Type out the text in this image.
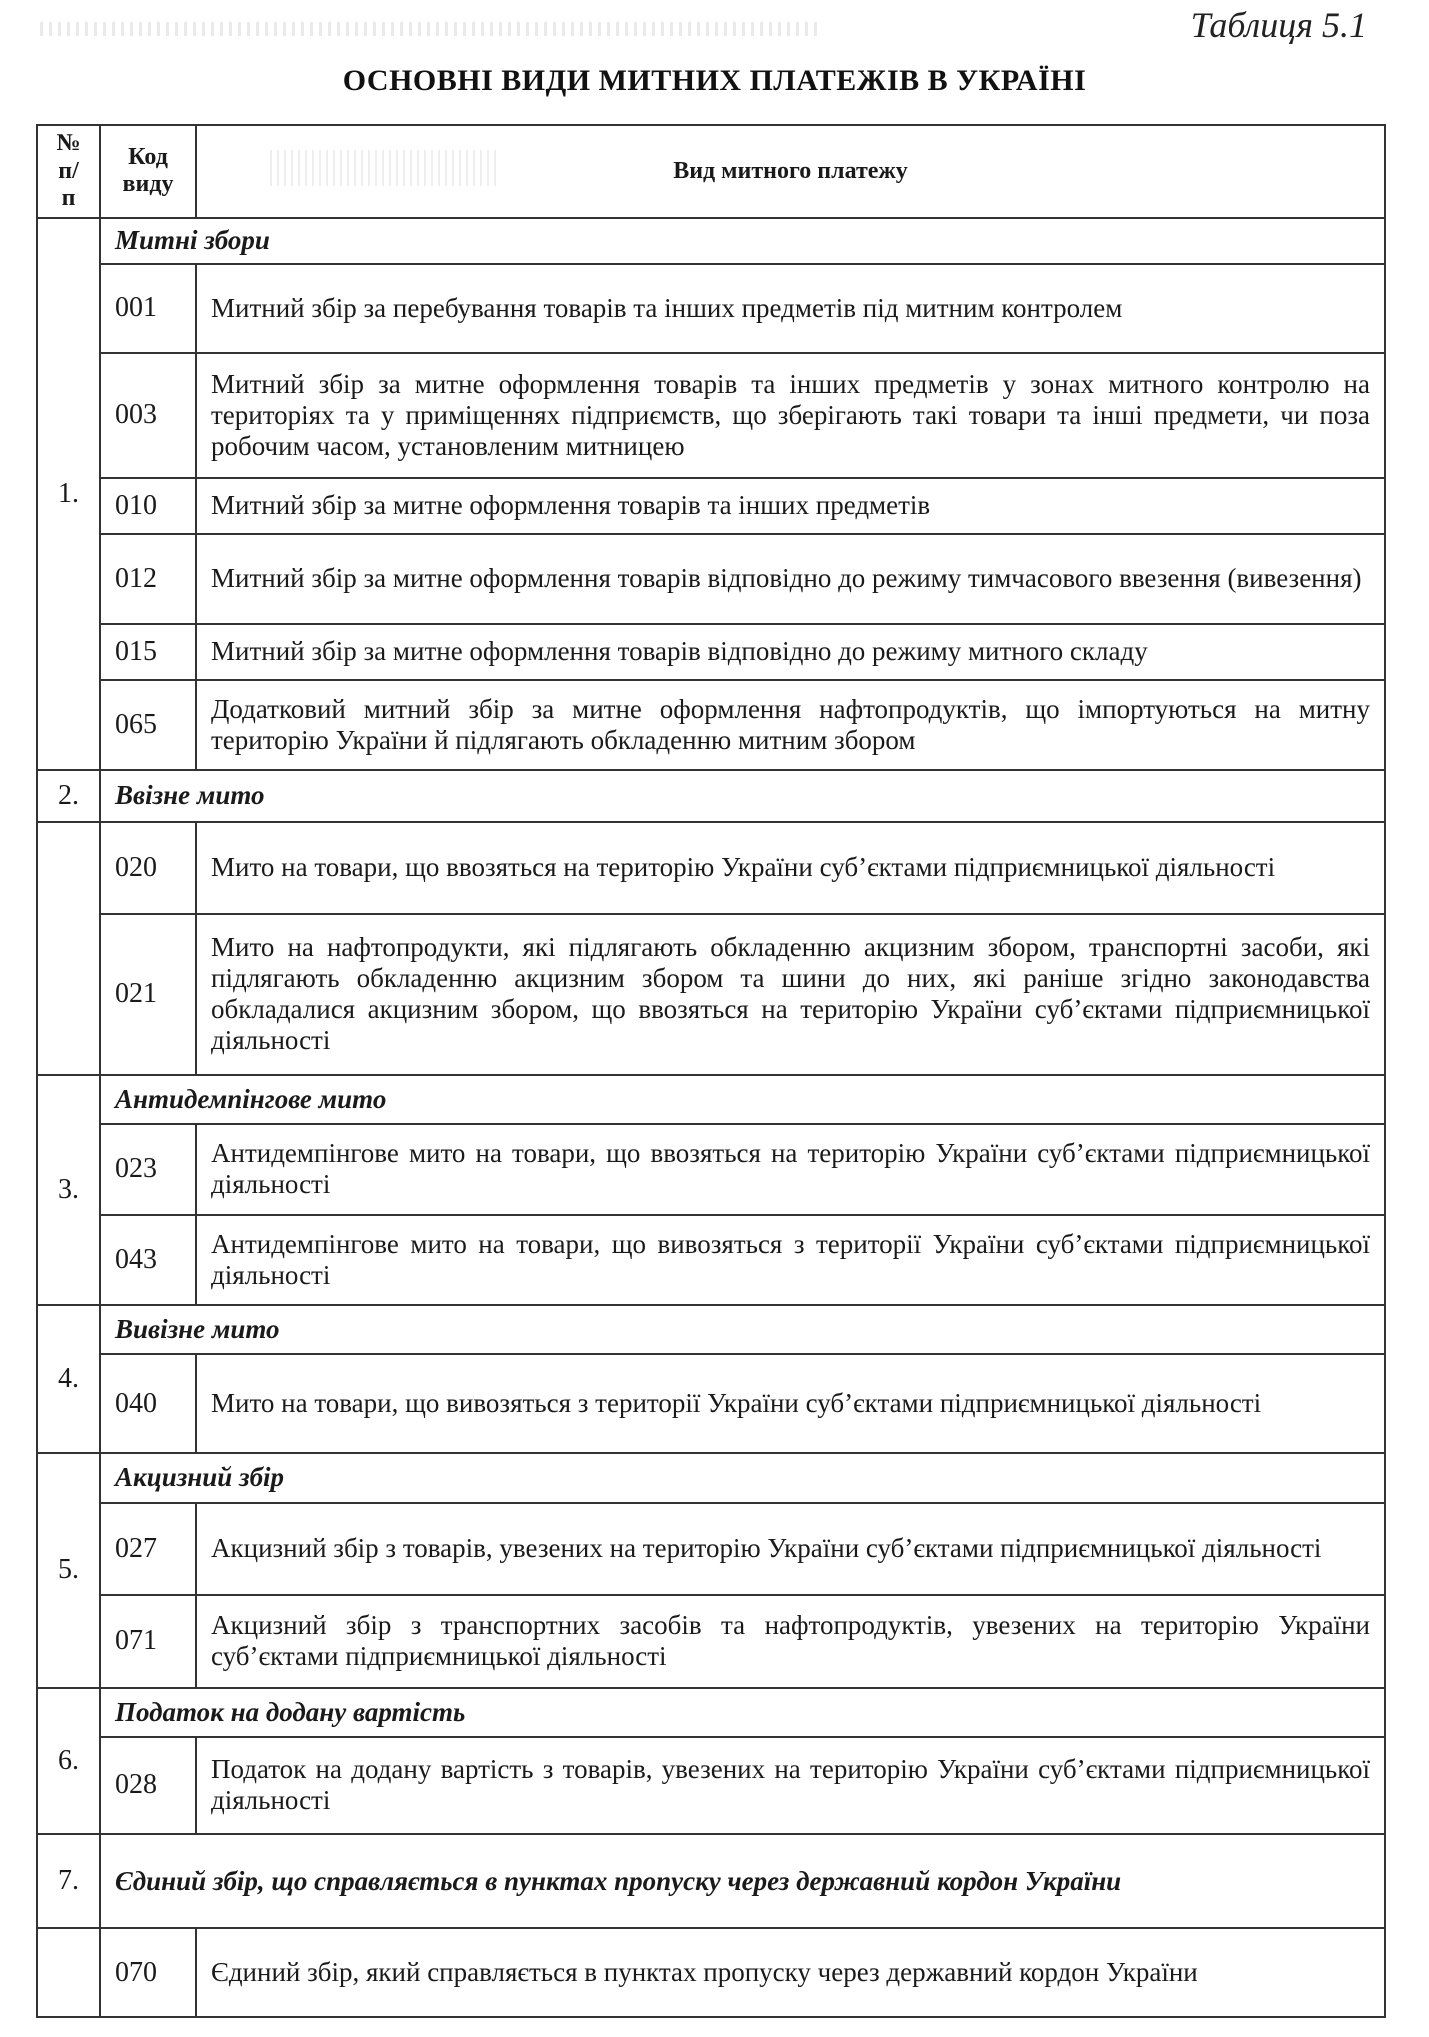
Таблиця 5.1
ОСНОВНІ ВИДИ МИТНИХ ПЛАТЕЖІВ В УКРАЇНІ
№ п/п	Код виду	Вид митного платежу
1.	Митні збори	
	001	Митний збір за перебування товарів та інших предметів під митним контролем
	003	Митний збір за митне оформлення товарів та інших предметів у зонах митного контролю на територіях та у приміщеннях підприємств, що зберігають такі товари та інші предмети, чи поза робочим часом, установленим митницею
	010	Митний збір за митне оформлення товарів та інших предметів
	012	Митний збір за митне оформлення товарів відповідно до режиму тимчасового ввезення (вивезення)
	015	Митний збір за митне оформлення товарів відповідно до режиму митного складу
	065	Додатковий митний збір за митне оформлення нафтопродуктів, що імпортуються на митну територію України й підлягають обкладенню митним збором
2.	Ввізне мито	
	020	Мито на товари, що ввозяться на територію України суб’єктами підприємницької діяльності
	021	Мито на нафтопродукти, які підлягають обкладенню акцизним збором, транспортні засоби, які підлягають обкладенню акцизним збором та шини до них, які раніше згідно законодавства обкладалися акцизним збором, що ввозяться на територію України суб’єктами підприємницької діяльності
3.	Антидемпінгове мито	
	023	Антидемпінгове мито на товари, що ввозяться на територію України суб’єктами підприємницької діяльності
	043	Антидемпінгове мито на товари, що вивозяться з території України суб’єктами підприємницької діяльності
4.	Вивізне мито	
	040	Мито на товари, що вивозяться з території України суб’єктами підприємницької діяльності
5.	Акцизний збір	
	027	Акцизний збір з товарів, увезених на територію України суб’єктами підприємницької діяльності
	071	Акцизний збір з транспортних засобів та нафтопродуктів, увезених на територію України суб’єктами підприємницької діяльності
6.	Податок на додану вартість	
	028	Податок на додану вартість з товарів, увезених на територію України суб’єктами підприємницької діяльності
7.	Єдиний збір, що справляється в пунктах пропуску через державний кордон України	
	070	Єдиний збір, який справляється в пунктах пропуску через державний кордон України
